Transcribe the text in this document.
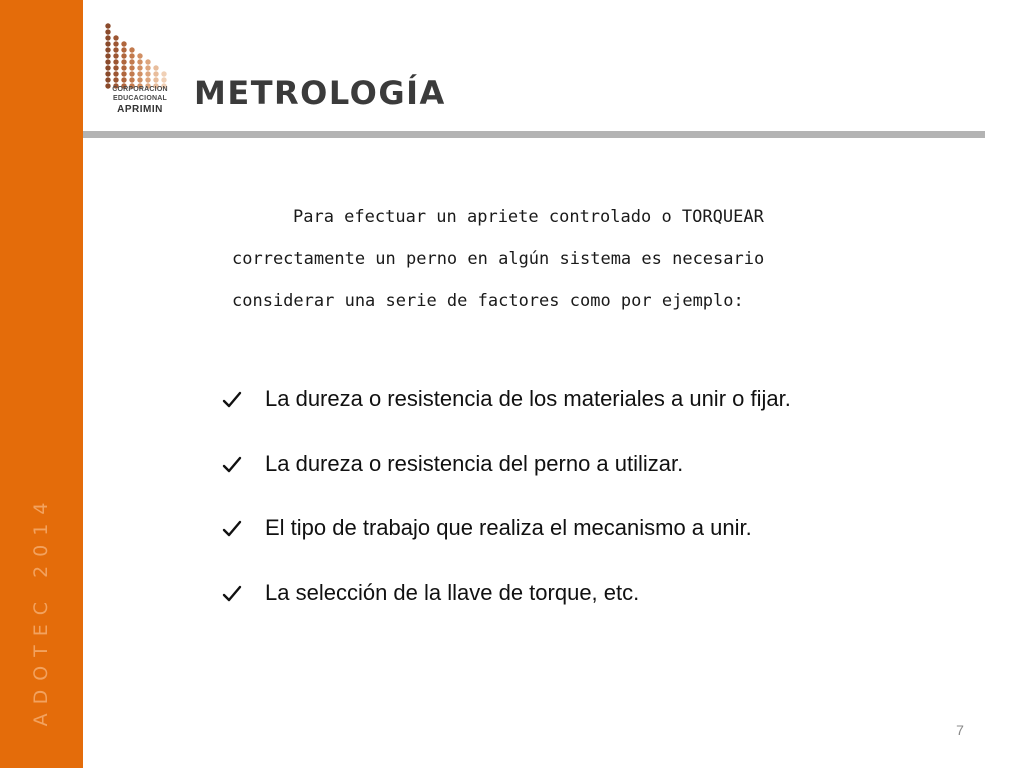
ADOTEC 2014
CORPORACION
EDUCACIONAL
APRIMIN METROLOGÍA
Para efectuar un apriete controlado o TORQUEAR
correctamente un perno en algún sistema es necesario
considerar una serie de factores como por ejemplo:
La dureza o resistencia de los materiales a unir o fijar.
La dureza o resistencia del perno a utilizar.
El tipo de trabajo que realiza el mecanismo a unir.
La selección de la llave de torque, etc.
7
